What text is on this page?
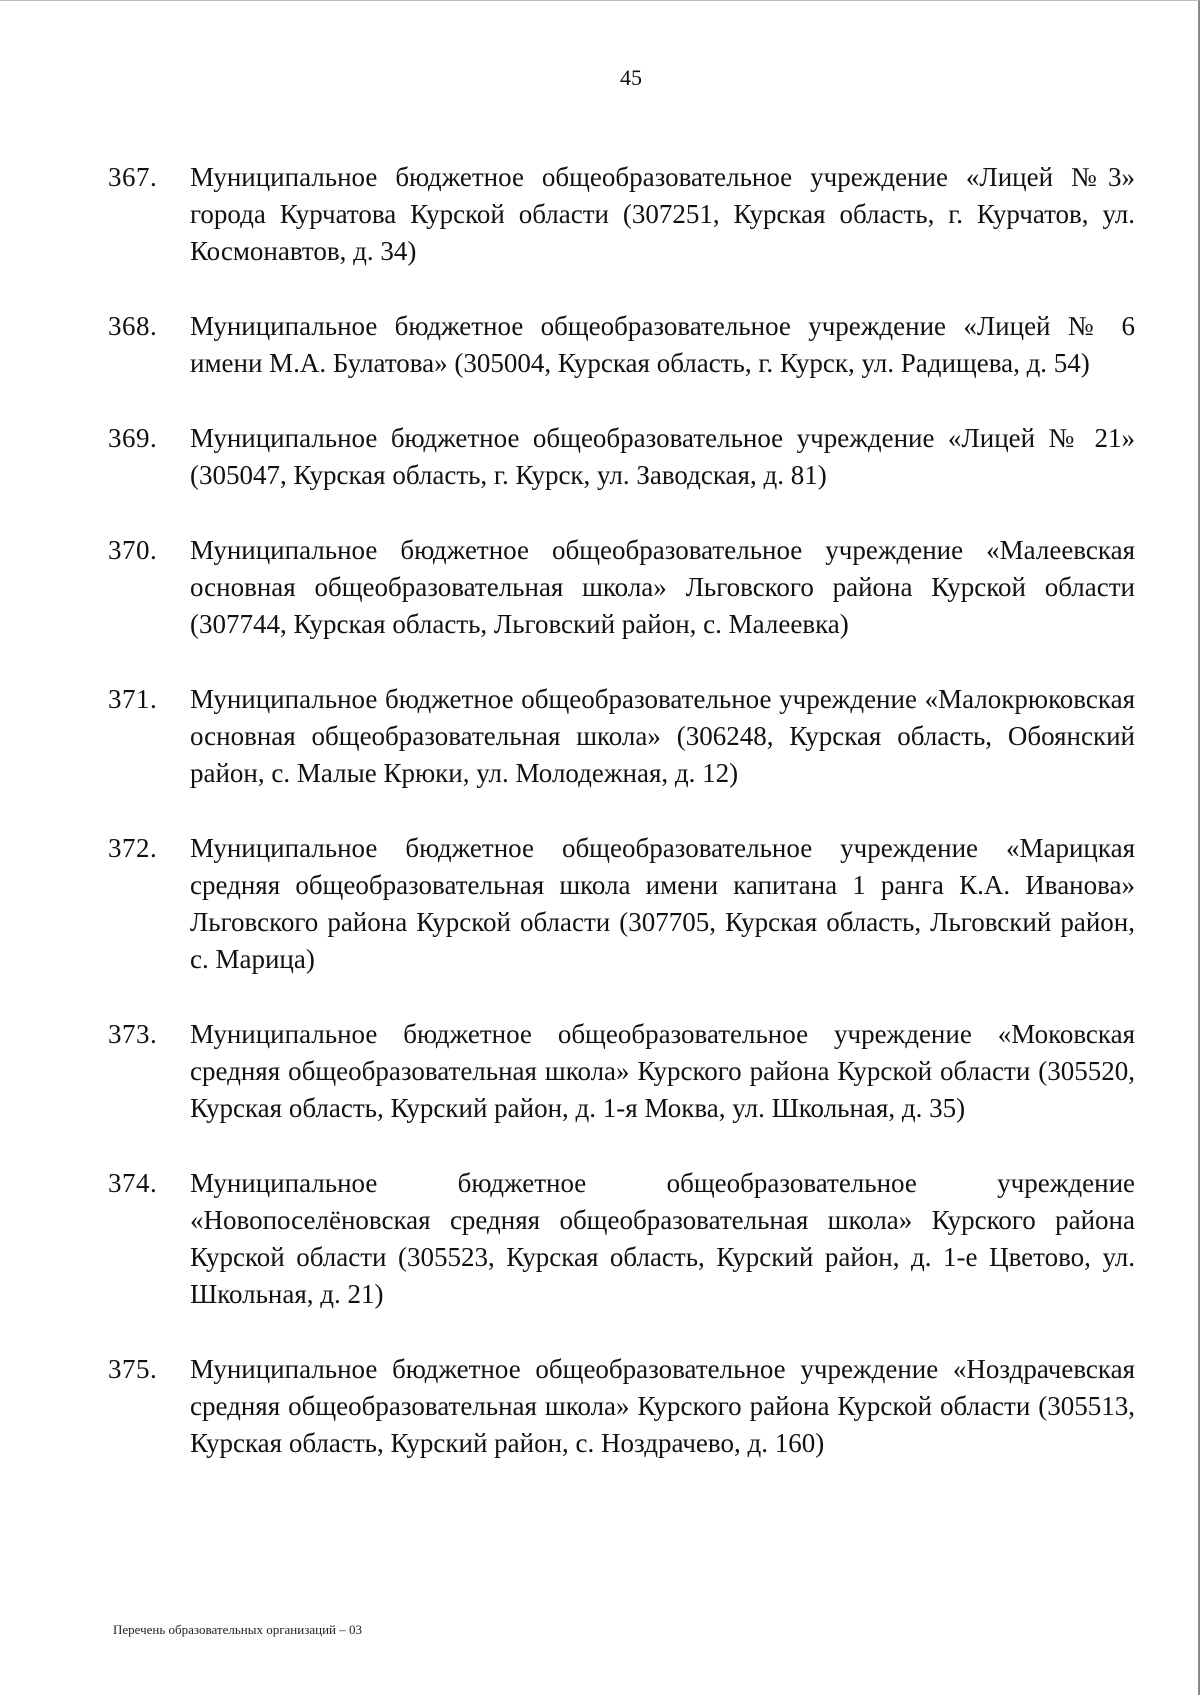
45
367.	Муниципальное бюджетное общеобразовательное учреждение «Лицей №3» города Курчатова Курской области (307251, Курская область, г. Курчатов, ул. Космонавтов, д. 34)
368.	Муниципальное бюджетное общеобразовательное учреждение «Лицей № 6 имени М.А. Булатова» (305004, Курская область, г. Курск, ул. Радищева, д. 54)
369.	Муниципальное бюджетное общеобразовательное учреждение «Лицей № 21» (305047, Курская область, г. Курск, ул. Заводская, д. 81)
370.	Муниципальное бюджетное общеобразовательное учреждение «Малеевская основная общеобразовательная школа» Льговского района Курской области (307744, Курская область, Льговский район, с. Малеевка)
371.	Муниципальное бюджетное общеобразовательное учреждение «Малокрюковская основная общеобразовательная школа» (306248, Курская область, Обоянский район, с. Малые Крюки, ул. Молодежная, д. 12)
372.	Муниципальное бюджетное общеобразовательное учреждение «Марицкая средняя общеобразовательная школа имени капитана 1 ранга К.А. Иванова» Льговского района Курской области (307705, Курская область, Льговский район, с. Марица)
373.	Муниципальное бюджетное общеобразовательное учреждение «Моковская средняя общеобразовательная школа» Курского района Курской области (305520, Курская область, Курский район, д. 1-я Моква, ул. Школьная, д. 35)
374.	Муниципальное бюджетное общеобразовательное учреждение «Новопоселёновская средняя общеобразовательная школа» Курского района Курской области (305523, Курская область, Курский район, д. 1-е Цветово, ул. Школьная, д. 21)
375.	Муниципальное бюджетное общеобразовательное учреждение «Ноздрачевская средняя общеобразовательная школа» Курского района Курской области (305513, Курская область, Курский район, с. Ноздрачево, д. 160)
Перечень образовательных организаций – 03
